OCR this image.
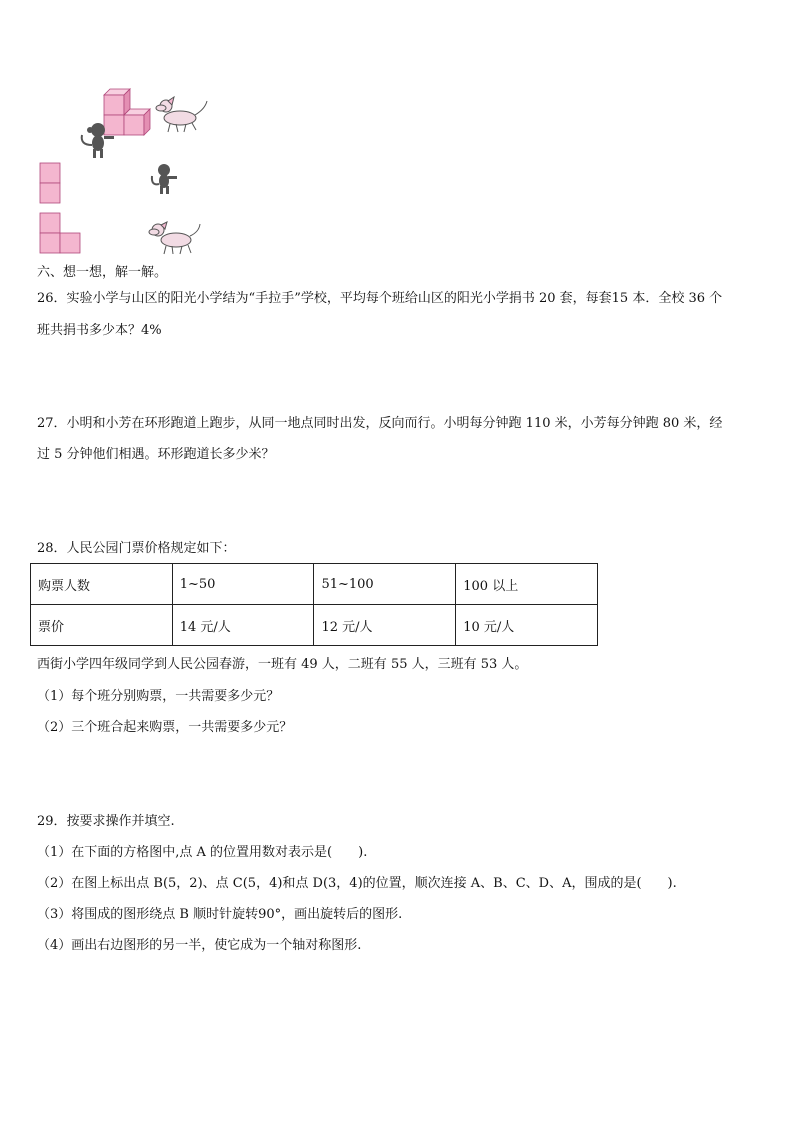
六、想一想，解一解。
26．实验小学与山区的阳光小学结为“手拉手”学校，平均每个班给山区的阳光小学捐书 20 套，每套15 本．全校 36 个
班共捐书多少本？4%
27．小明和小芳在环形跑道上跑步，从同一地点同时出发，反向而行。小明每分钟跑 110 米，小芳每分钟跑 80 米，经
过 5 分钟他们相遇。环形跑道长多少米？
28．人民公园门票价格规定如下：
购票人数	1~50	51~100	100 以上
票价	14 元/人	12 元/人	10 元/人
西街小学四年级同学到人民公园春游，一班有 49 人，二班有 55 人，三班有 53 人。
（1）每个班分别购票，一共需要多少元？
（2）三个班合起来购票，一共需要多少元？
29．按要求操作并填空.
（1）在下面的方格图中,点 A 的位置用数对表示是(　　).
（2）在图上标出点 B(5，2)、点 C(5，4)和点 D(3，4)的位置，顺次连接 A、B、C、D、A，围成的是(　　).
（3）将围成的图形绕点 B 顺时针旋转90°，画出旋转后的图形.
（4）画出右边图形的另一半，使它成为一个轴对称图形.
